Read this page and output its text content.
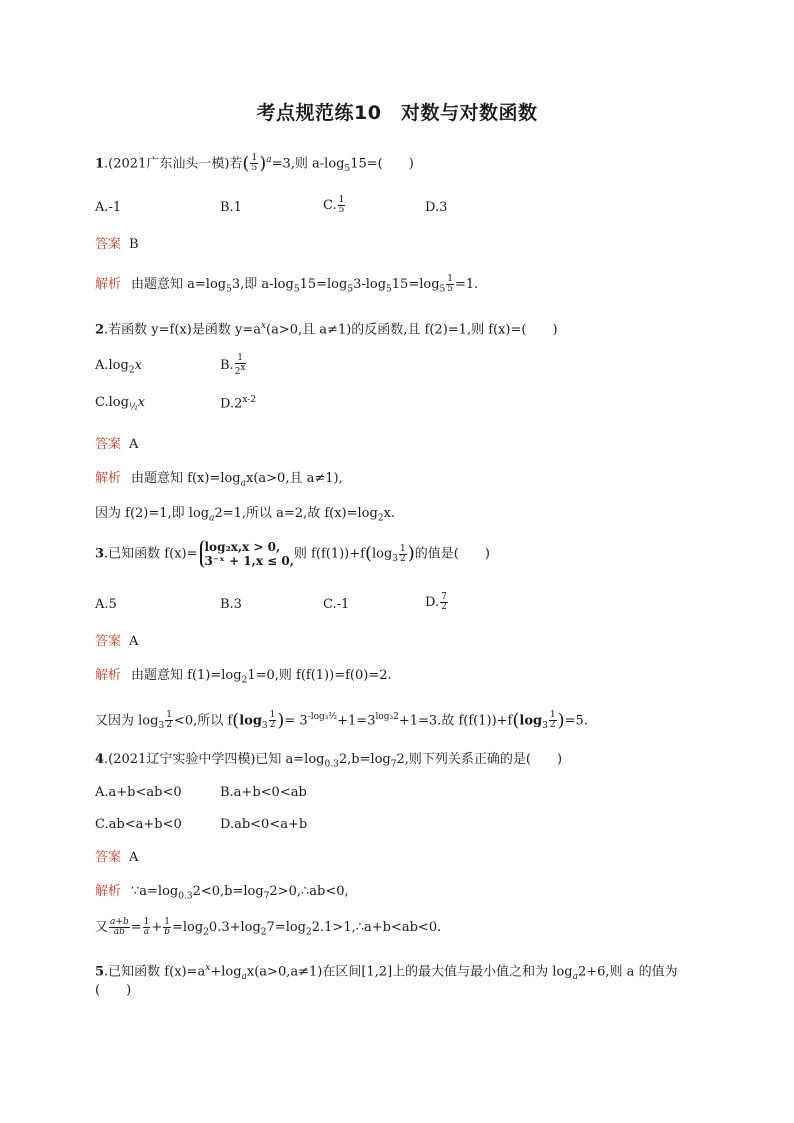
考点规范练10　对数与对数函数
1.(2021广东汕头一模)若( $\frac{1}{5} )^a=3$,则 $a-\log_515=$(　　)
A.-1	B.1	C. $\frac{1}{5}$	D.3
答案 B
解析 由题意知 $a=\log_53$,即 $a-\log_515=\log_53-\log_515=\log_5 \frac{1}{5} =1$.
2.若函数 y=f(x)是函数 $y=a^x(a>0$,且 a≠1)的反函数,且 f(2)=1,则 f(x)=(　　)
$A.\log_2x$	B. $\frac{1}{2^x}$
$C.\log_{\frac{1}{2}}x$	D.2$^{x-2}$
答案 A
解析 由题意知 $f(x)=\log_ax(a>0$,且 a≠1),
因为 f(2)=1,即 $\log_a2=1$,所以 a=2,故 $f(x)=\log_2x$.
3.已知函数 f(x)= log₂x,x > 0,
3⁻ˣ + 1,x ≤ 0, 则 $f(f(1))+f(\log_3 \frac{1}{2}$ )的值是(　　)
A.5	B.3	C.-1	D. $\frac{7}{2}$
答案 A
解析 由题意知 $f(1)=\log_21=0$,则 f(f(1))=f(0)=2.
又因为 $\log_3 \frac{1}{2} <0$,所以 $f(\log_3 \frac{1}{2}$ )= $3^{-log_3\frac{1}{2}}+1=3^{log_32}+1=3$.故 $f(f(1))+f(\log_3 \frac{1}{2} )=5$.
4.(2021辽宁实验中学四模)已知 $a=\log_{0.3}2,b=\log_72$,则下列关系正确的是(　　)
A.a+b<ab<0	B.a+b<0<ab
C.ab<a+b<0	D.ab<0<a+b
答案 A
解析 $\because a=\log_{0.3}2<0,b=\log_72>0,\therefore ab<0$,
又 $\frac{a+b}{ab} = \frac{1}{a} + \frac{1}{b}$ $=\log_20.3+\log_27=\log_22.1>1,\therefore a+b<ab<0$.
5.已知函数 $f(x)=a^x+\log_ax(a>0,a\ne 1)$在区间[1,2]上的最大值与最小值之和为 $\log_a2+6$,则 a 的值为
(　　)
